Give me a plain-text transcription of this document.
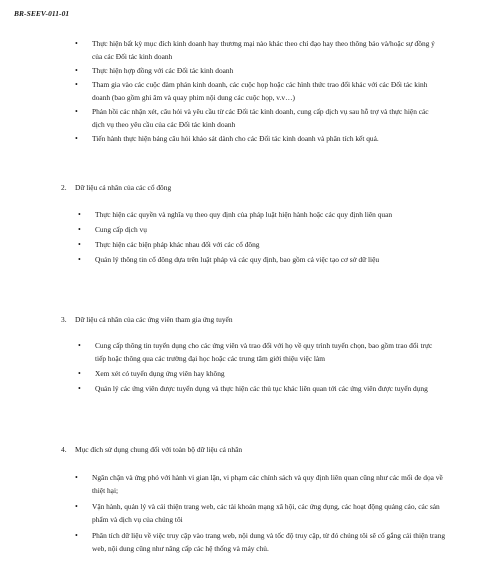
BR-SEEV-011-01
• Thực hiện bất kỳ mục đích kinh doanh hay thương mại nào khác theo chỉ đạo hay theo thông báo và/hoặc sự đồng ý của các Đối tác kinh doanh
• Thực hiện hợp đồng với các Đối tác kinh doanh
• Tham gia vào các cuộc đàm phán kinh doanh, các cuộc họp hoặc các hình thức trao đổi khác với các Đối tác kinh doanh (bao gồm ghi âm và quay phim nội dung các cuộc họp, v.v…)
• Phản hồi các nhận xét, câu hỏi và yêu cầu từ các Đối tác kinh doanh, cung cấp dịch vụ sau hỗ trợ và thực hiện các dịch vụ theo yêu cầu của các Đối tác kinh doanh
• Tiến hành thực hiện bảng câu hỏi khảo sát dành cho các Đối tác kinh doanh và phân tích kết quả.
2. Dữ liệu cá nhân của các cổ đông
• Thực hiện các quyền và nghĩa vụ theo quy định của pháp luật hiện hành hoặc các quy định liên quan
• Cung cấp dịch vụ
• Thực hiện các biện pháp khác nhau đối với các cổ đông
• Quản lý thông tin cổ đông dựa trên luật pháp và các quy định, bao gồm cả việc tạo cơ sở dữ liệu
3. Dữ liệu cá nhân của các ứng viên tham gia ứng tuyển
• Cung cấp thông tin tuyển dụng cho các ứng viên và trao đổi với họ về quy trình tuyển chọn, bao gồm trao đổi trực tiếp hoặc thông qua các trường đại học hoặc các trung tâm giới thiệu việc làm
• Xem xét có tuyển dụng ứng viên hay không
• Quản lý các ứng viên được tuyển dụng và thực hiện các thủ tục khác liên quan tới các ứng viên được tuyển dụng
4. Mục đích sử dụng chung đối với toàn bộ dữ liệu cá nhân
• Ngăn chặn và ứng phó với hành vi gian lận, vi phạm các chính sách và quy định liên quan cũng như các mối đe dọa về thiệt hại;
• Vận hành, quản lý và cải thiện trang web, các tài khoản mạng xã hội, các ứng dụng, các hoạt động quảng cáo, các sản phẩm và dịch vụ của chúng tôi
• Phân tích dữ liệu về việc truy cập vào trang web, nội dung và tốc độ truy cập, từ đó chúng tôi sẽ cố gắng cải thiện trang web, nội dung cũng như nâng cấp các hệ thống và máy chủ.
